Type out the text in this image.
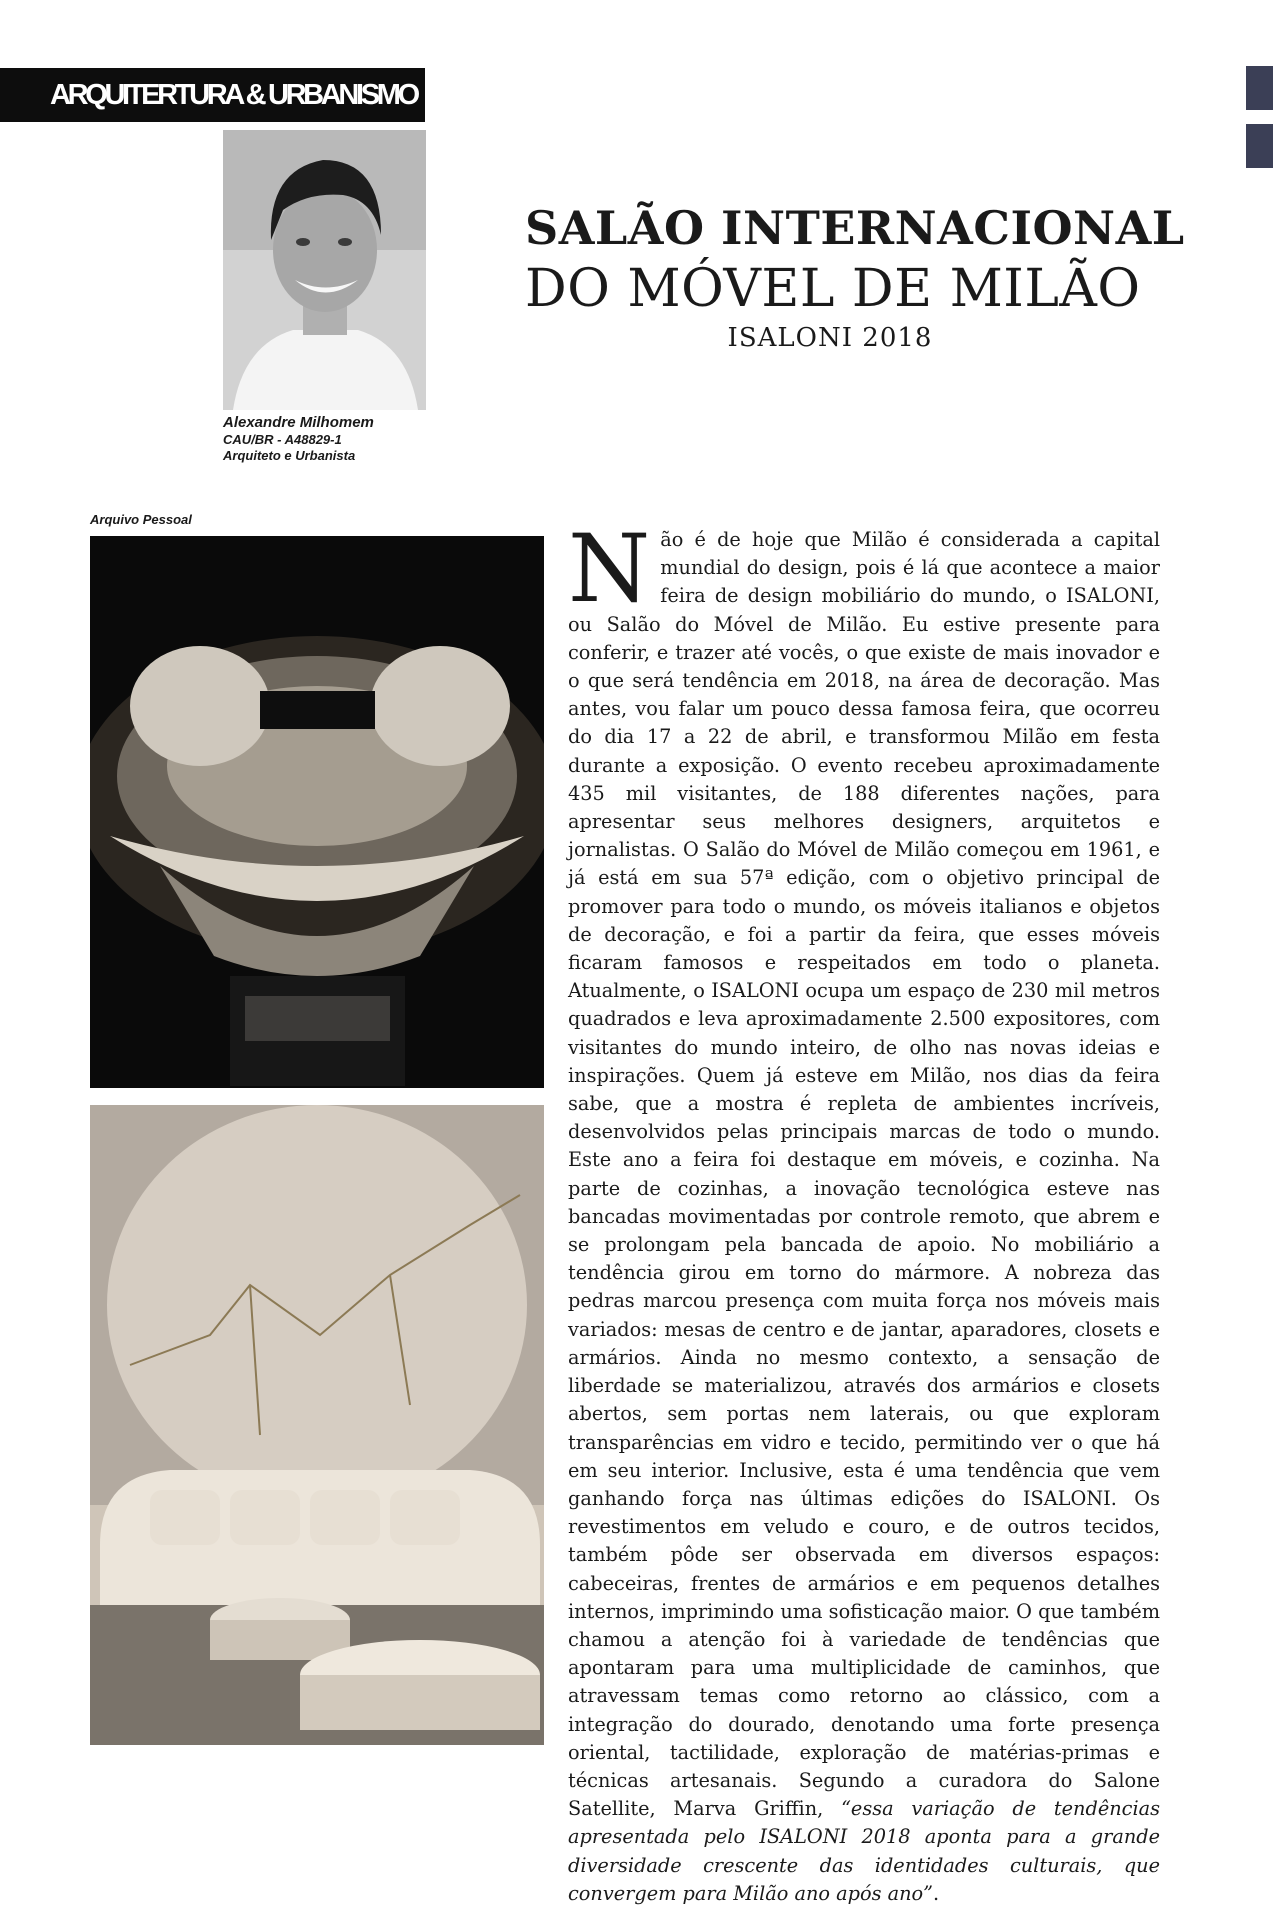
ARQUITERTURA & URBANISMO
Alexandre Milhomem
CAU/BR - A48829-1
Arquiteto e Urbanista
SALÃO INTERNACIONAL
DO MÓVEL DE MILÃO
ISALONI 2018
Arquivo Pessoal	Não é de hoje que Milão é considerada a capital mundial do design, pois é lá que acontece a maior feira de design mobiliário do mundo, o ISALONI, ou Salão do Móvel de Milão. Eu estive presente para conferir, e trazer até vocês, o que existe de mais inovador e o que será tendência em 2018, na área de decoração. Mas antes, vou falar um pouco dessa famosa feira, que ocorreu do dia 17 a 22 de abril, e transformou Milão em festa durante a exposição. O evento recebeu aproximadamente 435 mil visitantes, de 188 diferentes nações, para apresentar seus melhores designers, arquitetos e jornalistas. O Salão do Móvel de Milão começou em 1961, e já está em sua 57ª edição, com o objetivo principal de promover para todo o mundo, os móveis italianos e objetos de decoração, e foi a partir da feira, que esses móveis ficaram famosos e respeitados em todo o planeta. Atualmente, o ISALONI ocupa um espaço de 230 mil metros quadrados e leva aproximadamente 2.500 expositores, com visitantes do mundo inteiro, de olho nas novas ideias e inspirações. Quem já esteve em Milão, nos dias da feira sabe, que a mostra é repleta de ambientes incríveis, desenvolvidos pelas principais marcas de todo o mundo. Este ano a feira foi destaque em móveis, e cozinha. Na parte de cozinhas, a inovação tecnológica esteve nas bancadas movimentadas por controle remoto, que abrem e se prolongam pela bancada de apoio. No mobiliário a tendência girou em torno do mármore. A nobreza das pedras marcou presença com muita força nos móveis mais variados: mesas de centro e de jantar, aparadores, closets e armários. Ainda no mesmo contexto, a sensação de liberdade se materializou, através dos armários e closets abertos, sem portas nem laterais, ou que exploram transparências em vidro e tecido, permitindo ver o que há em seu interior. Inclusive, esta é uma tendência que vem ganhando força nas últimas edições do ISALONI. Os revestimentos em veludo e couro, e de outros tecidos, também pôde ser observada em diversos espaços: cabeceiras, frentes de armários e em pequenos detalhes internos, imprimindo uma sofisticação maior. O que também chamou a atenção foi à variedade de tendências que apontaram para uma multiplicidade de caminhos, que atravessam temas como retorno ao clássico, com a integração do dourado, denotando uma forte presença oriental, tactilidade, exploração de matérias-primas e técnicas artesanais. Segundo a curadora do Salone Satellite, Marva Griffin, “essa variação de tendências apresentada pelo ISALONI 2018 aponta para a grande diversidade crescente das identidades culturais, que convergem para Milão ano após ano”.
